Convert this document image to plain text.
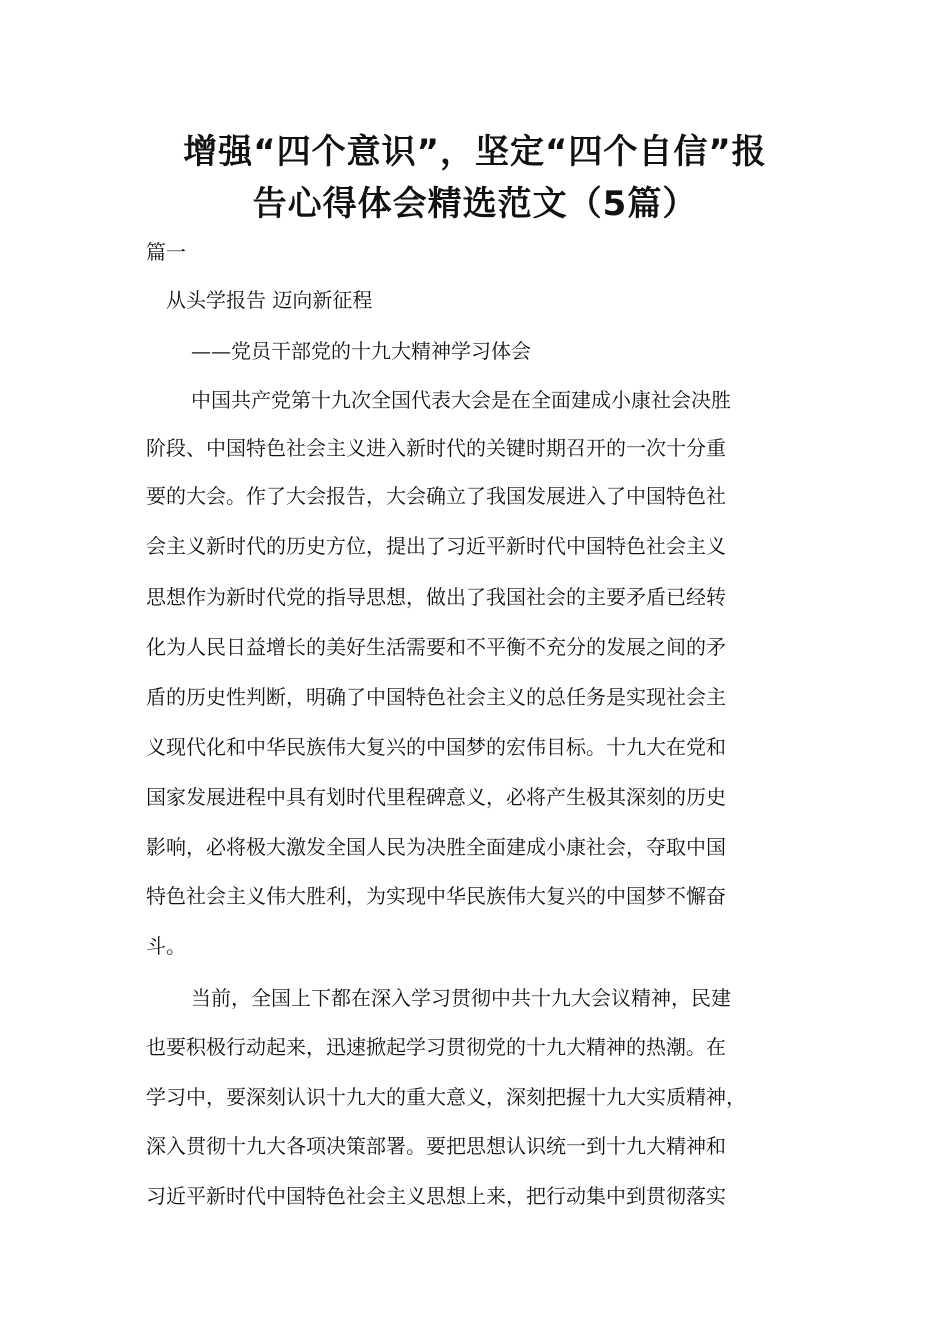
增强“四个意识”，坚定“四个自信”报
告心得体会精选范文（5篇）

篇一

从头学报告 迈向新征程

——党员干部党的十九大精神学习体会

中国共产党第十九次全国代表大会是在全面建成小康社会决胜

阶段、中国特色社会主义进入新时代的关键时期召开的一次十分重

要的大会。作了大会报告，大会确立了我国发展进入了中国特色社

会主义新时代的历史方位，提出了习近平新时代中国特色社会主义

思想作为新时代党的指导思想，做出了我国社会的主要矛盾已经转

化为人民日益增长的美好生活需要和不平衡不充分的发展之间的矛

盾的历史性判断，明确了中国特色社会主义的总任务是实现社会主

义现代化和中华民族伟大复兴的中国梦的宏伟目标。十九大在党和

国家发展进程中具有划时代里程碑意义，必将产生极其深刻的历史

影响，必将极大激发全国人民为决胜全面建成小康社会，夺取中国

特色社会主义伟大胜利，为实现中华民族伟大复兴的中国梦不懈奋

斗。

当前，全国上下都在深入学习贯彻中共十九大会议精神，民建

也要积极行动起来，迅速掀起学习贯彻党的十九大精神的热潮。在

学习中，要深刻认识十九大的重大意义，深刻把握十九大实质精神，

深入贯彻十九大各项决策部署。要把思想认识统一到十九大精神和

习近平新时代中国特色社会主义思想上来，把行动集中到贯彻落实
